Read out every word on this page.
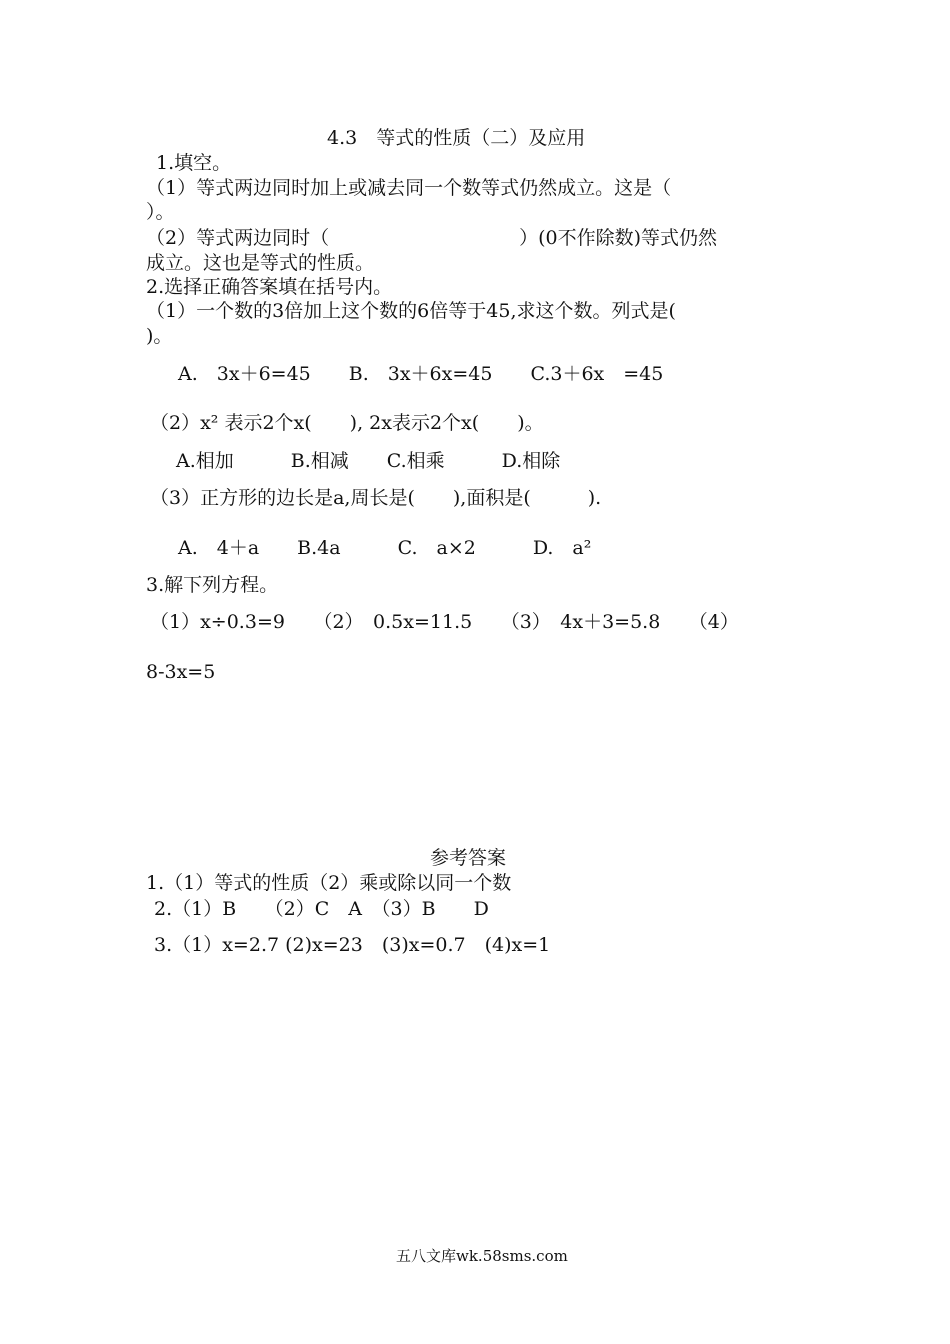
4.3　等式的性质（二）及应用
1.填空。
（1）等式两边同时加上或减去同一个数等式仍然成立。这是（
）。
（2）等式两边同时（　　　　　　　　　　）(0不作除数)等式仍然
成立。这也是等式的性质。
2.选择正确答案填在括号内。
（1）一个数的3倍加上这个数的6倍等于45,求这个数。列式是(
)。
A.　3x＋6=45　　B.　3x＋6x=45　　C.3＋6x　=45
（2）x² 表示2个x(　　), 2x表示2个x(　　)。
A.相加　　　B.相减　　C.相乘　　　D.相除
（3）正方形的边长是a,周长是(　　),面积是(　　　).
A.　4＋a　　B.4a　　　C.　a×2　　　D.　a²
3.解下列方程。
（1）x÷0.3=9　　（2）　0.5x=11.5　　（3）　4x＋3=5.8　　（4）
8-3x=5
参考答案
1.（1）等式的性质（2）乘或除以同一个数
2.（1）B　　（2）C　A　（3）B　　D
3.（1）x=2.7 (2)x=23　(3)x=0.7　(4)x=1
五八文库wk.58sms.com
